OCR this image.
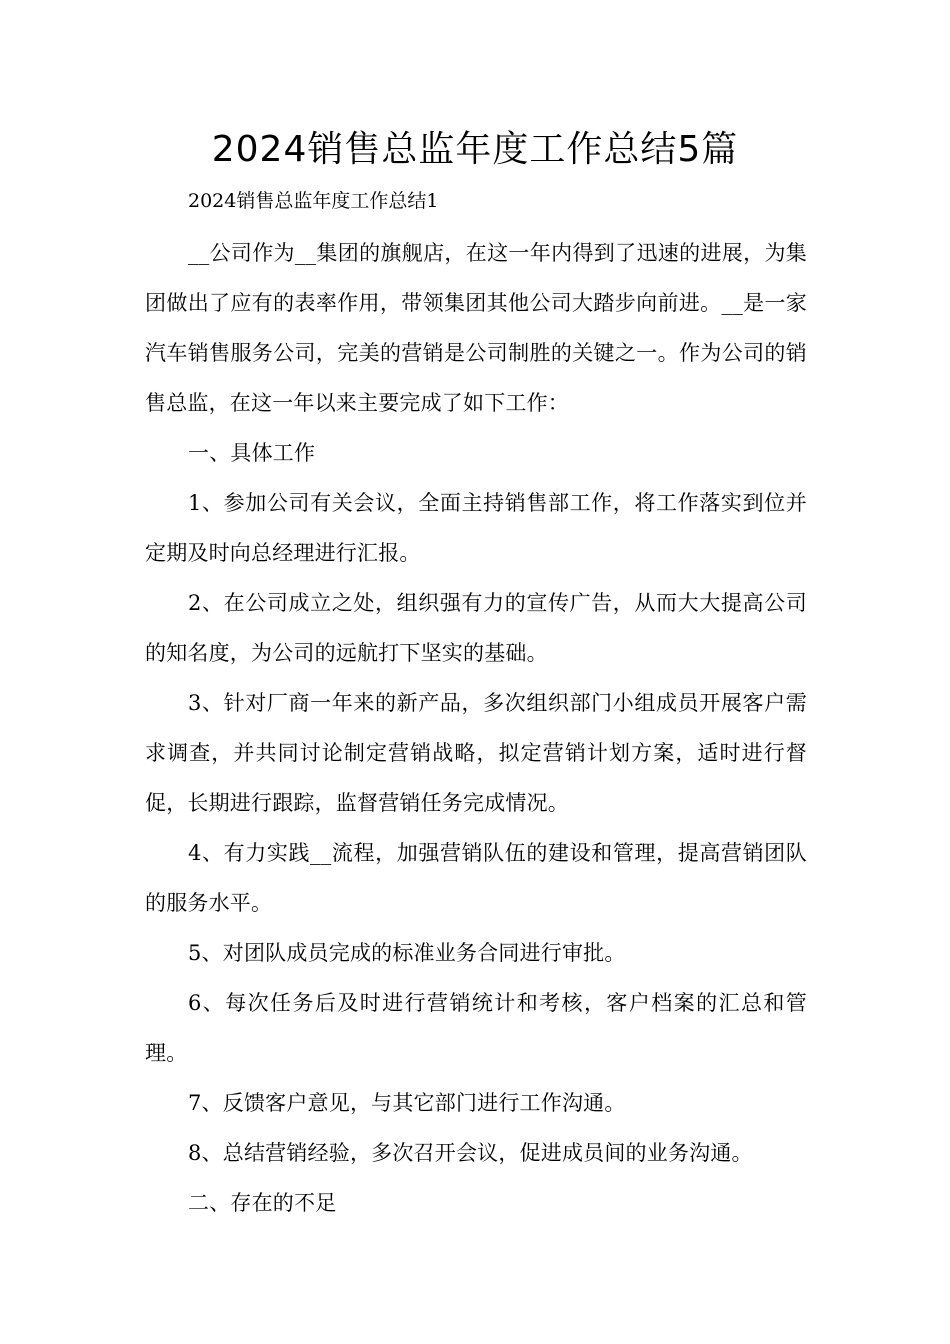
2024销售总监年度工作总结5篇
2024销售总监年度工作总结1

__公司作为__集团的旗舰店，在这一年内得到了迅速的进展，为集团做出了应有的表率作用，带领集团其他公司大踏步向前进。__是一家汽车销售服务公司，完美的营销是公司制胜的关键之一。作为公司的销售总监，在这一年以来主要完成了如下工作：

一、具体工作

1、参加公司有关会议，全面主持销售部工作，将工作落实到位并定期及时向总经理进行汇报。

2、在公司成立之处，组织强有力的宣传广告，从而大大提高公司的知名度，为公司的远航打下坚实的基础。

3、针对厂商一年来的新产品，多次组织部门小组成员开展客户需求调查，并共同讨论制定营销战略，拟定营销计划方案，适时进行督促，长期进行跟踪，监督营销任务完成情况。

4、有力实践__流程，加强营销队伍的建设和管理，提高营销团队的服务水平。

5、对团队成员完成的标准业务合同进行审批。

6、每次任务后及时进行营销统计和考核，客户档案的汇总和管理。

7、反馈客户意见，与其它部门进行工作沟通。

8、总结营销经验，多次召开会议，促进成员间的业务沟通。

二、存在的不足
